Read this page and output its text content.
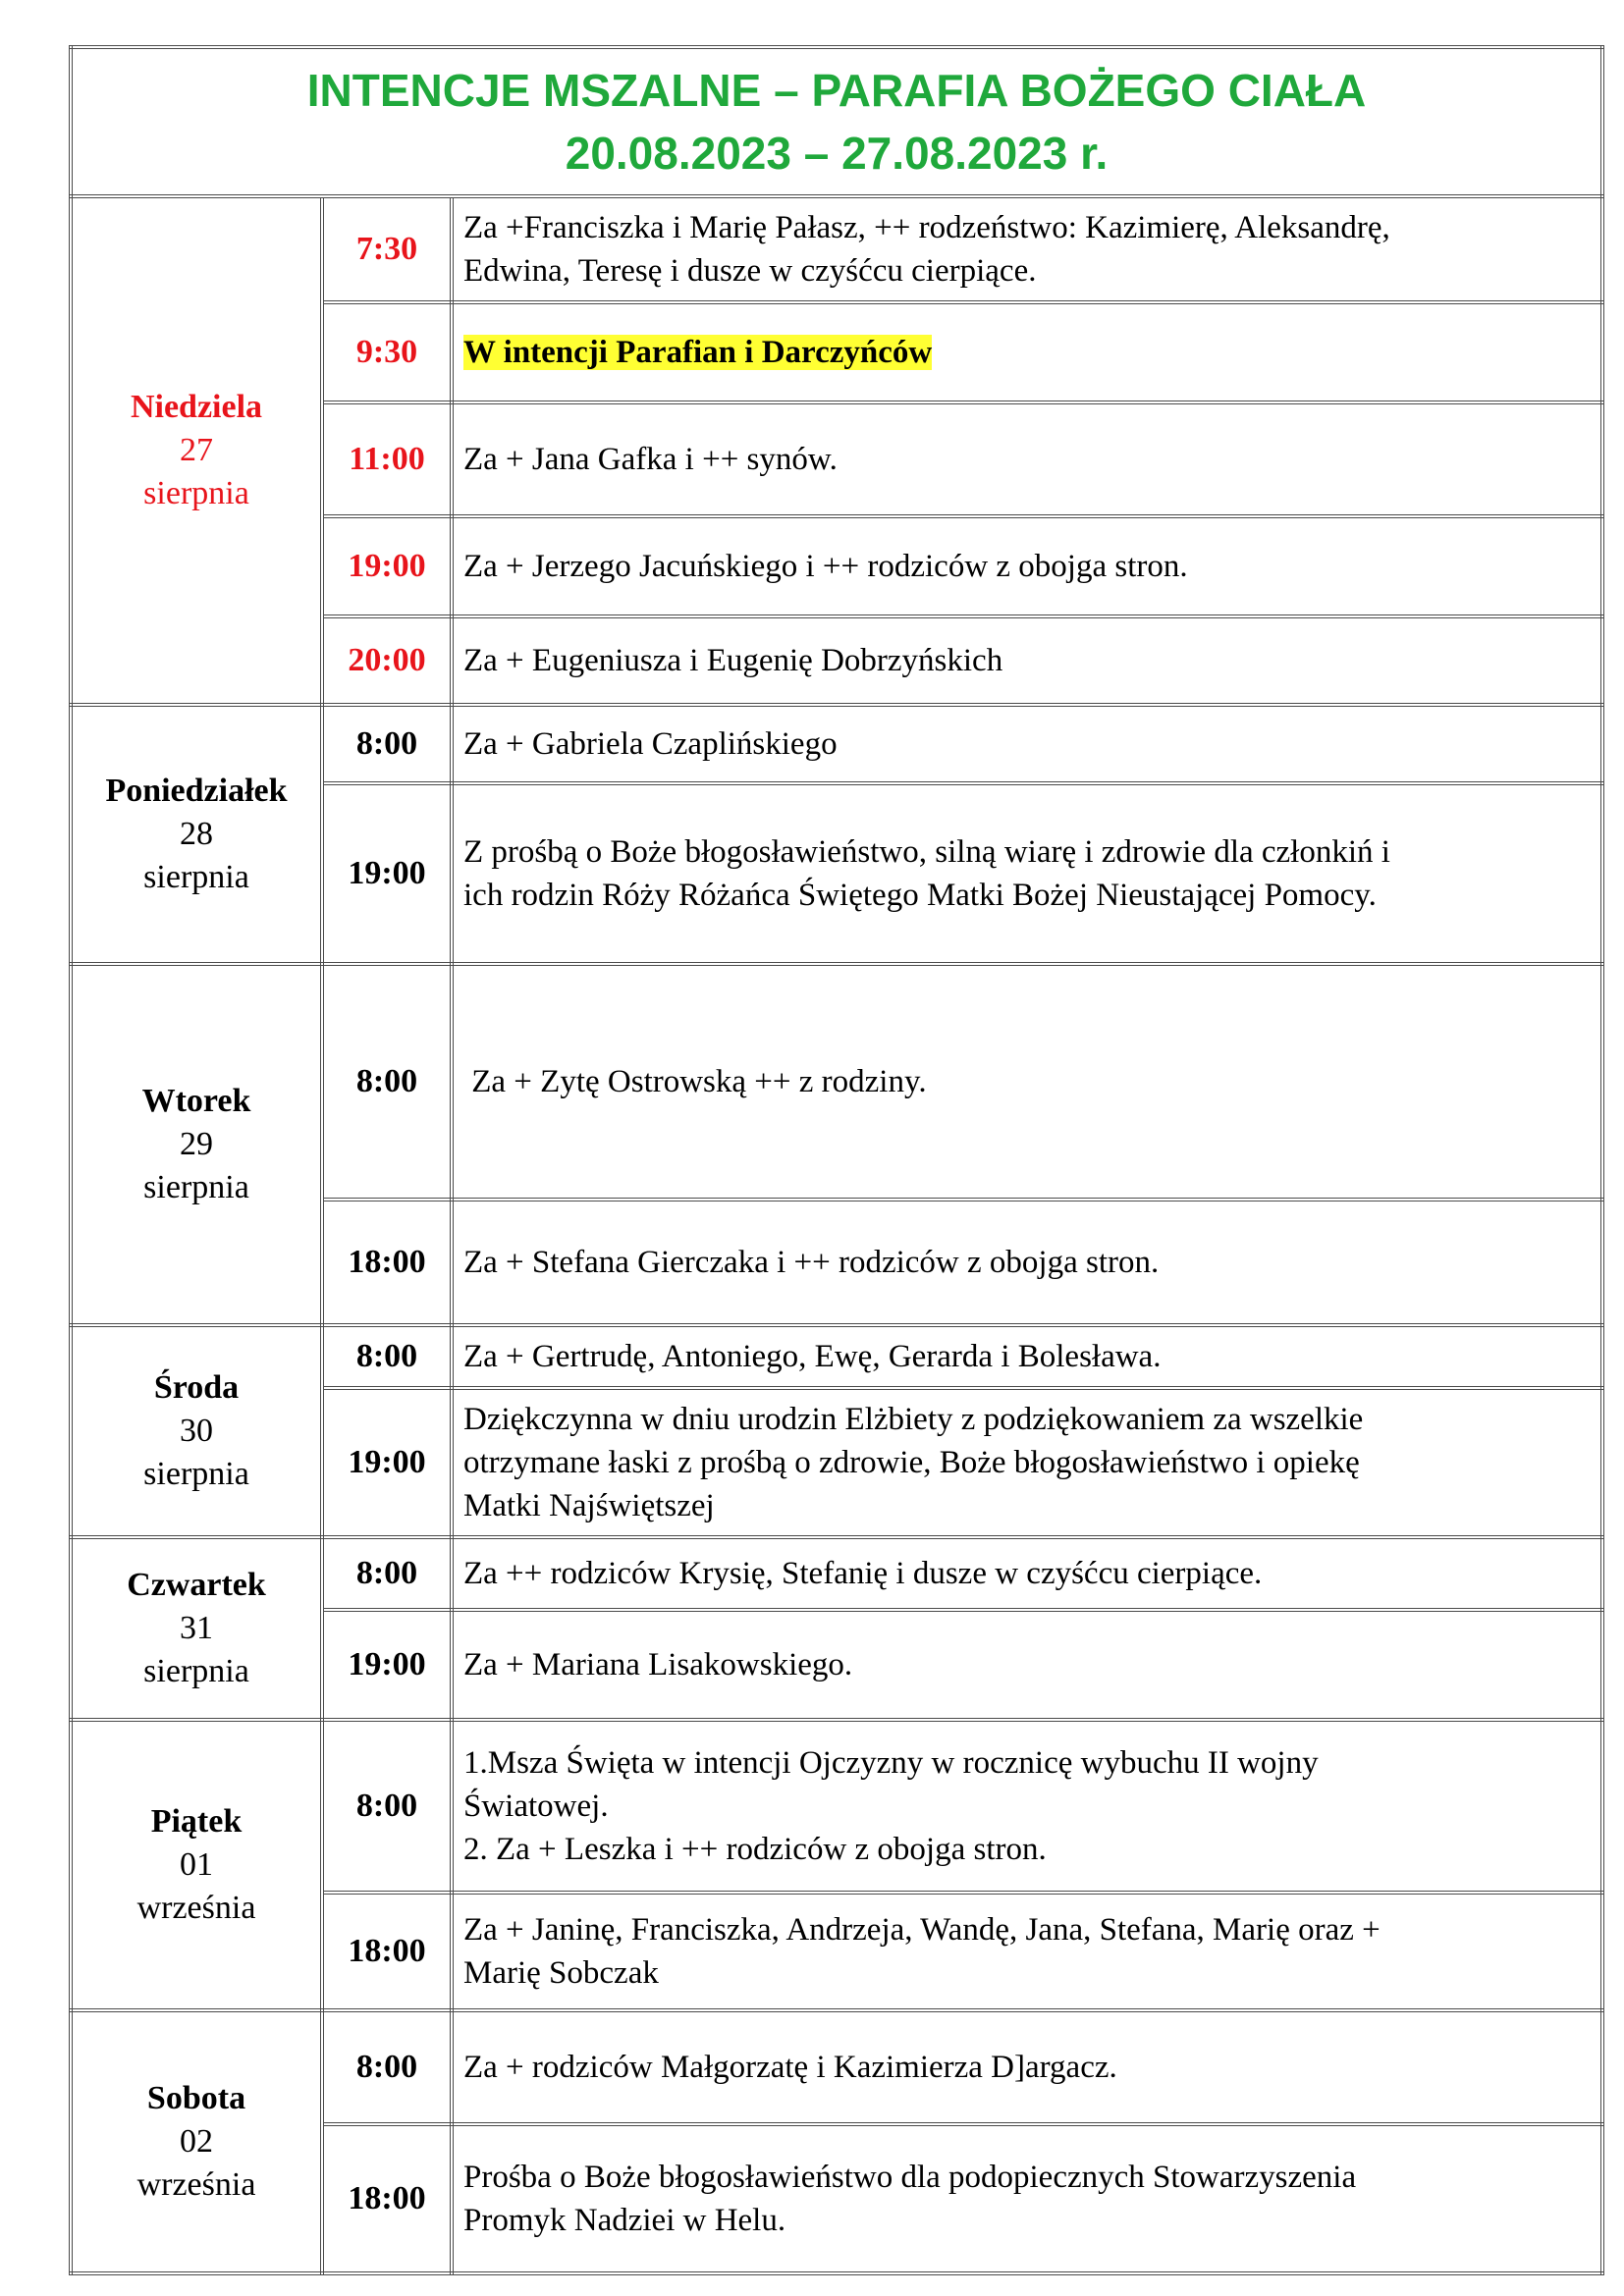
INTENCJE MSZALNE – PARAFIA BOŻEGO CIAŁA
20.08.2023 – 27.08.2023 r.		

Niedziela
27
sierpnia	7:30	Za +Franciszka i Marię Pałasz, ++ rodzeństwo: Kazimierę, Aleksandrę,
Edwina, Teresę i dusze w czyśćcu cierpiące.

	9:30	W intencji Parafian i Darczyńców
	11:00	Za + Jana Gafka i ++ synów.

	19:00	Za + Jerzego Jacuńskiego i ++ rodziców z obojga stron.

	20:00	Za + Eugeniusza i Eugenię Dobrzyńskich

Poniedziałek
28
sierpnia	8:00	Za + Gabriela Czaplińskiego

	19:00	Z prośbą o Boże błogosławieństwo, silną wiarę i zdrowie dla członkiń i
ich rodzin Róży Różańca Świętego Matki Bożej Nieustającej Pomocy.

Wtorek
29
sierpnia	8:00	Za + Zytę Ostrowską ++ z rodziny.

	18:00	Za + Stefana Gierczaka i ++ rodziców z obojga stron.

Środa
30
sierpnia	8:00	Za + Gertrudę, Antoniego, Ewę, Gerarda i Bolesława.

	19:00	Dziękczynna w dniu urodzin Elżbiety z podziękowaniem za wszelkie
otrzymane łaski z prośbą o zdrowie, Boże błogosławieństwo i opiekę
Matki Najświętszej

Czwartek
31
sierpnia	8:00	Za ++ rodziców Krysię, Stefanię i dusze w czyśćcu cierpiące.

	19:00	Za + Mariana Lisakowskiego.

Piątek
01
września	8:00	1.Msza Święta w intencji Ojczyzny w rocznicę wybuchu II wojny
Światowej.
2. Za + Leszka i ++ rodziców z obojga stron.

	18:00	Za + Janinę, Franciszka, Andrzeja, Wandę, Jana, Stefana, Marię oraz +
Marię Sobczak

Sobota
02
września	8:00	Za + rodziców Małgorzatę i Kazimierza D]argacz.

	18:00	Prośba o Boże błogosławieństwo dla podopiecznych Stowarzyszenia
Promyk Nadziei w Helu.
